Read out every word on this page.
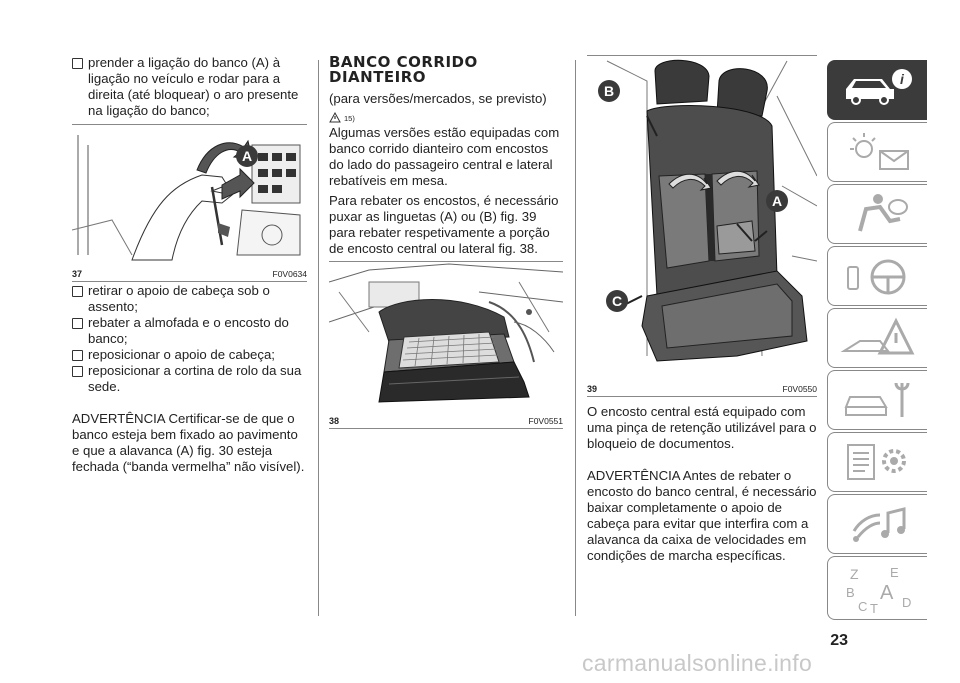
prender a ligação do banco (A) à ligação no veículo e rodar para a direita (até bloquear) o aro presente na ligação do banco;

A
37	F0V0634

retirar o apoio de cabeça sob o assento;

rebater a almofada e o encosto do banco;

reposicionar o apoio de cabeça;

reposicionar a cortina de rolo da sua sede.

ADVERTÊNCIA Certificar-se de que o banco esteja bem fixado ao pavimento e que a alavanca (A) fig. 30 esteja fechada (“banda vermelha” não visível).

BANCO CORRIDO
DIANTEIRO

(para versões/mercados, se previsto)

15)

Algumas versões estão equipadas com banco corrido dianteiro com encostos do lado do passageiro central e lateral rebatíveis em mesa.

Para rebater os encostos, é necessário puxar as linguetas (A) ou (B) fig. 39 para rebater respetivamente a porção de encosto central ou lateral fig. 38.

38	F0V0551
B
A
C
39	F0V0550

O encosto central está equipado com uma pinça de retenção utilizável para o bloqueio de documentos.

ADVERTÊNCIA Antes de rebater o encosto do banco central, é necessário baixar completamente o apoio de cabeça para evitar que interfira com a alavanca da caixa de velocidades em condições de marcha específicas.

i
Z E
B A
C T D
23
carmanualsonline.info
